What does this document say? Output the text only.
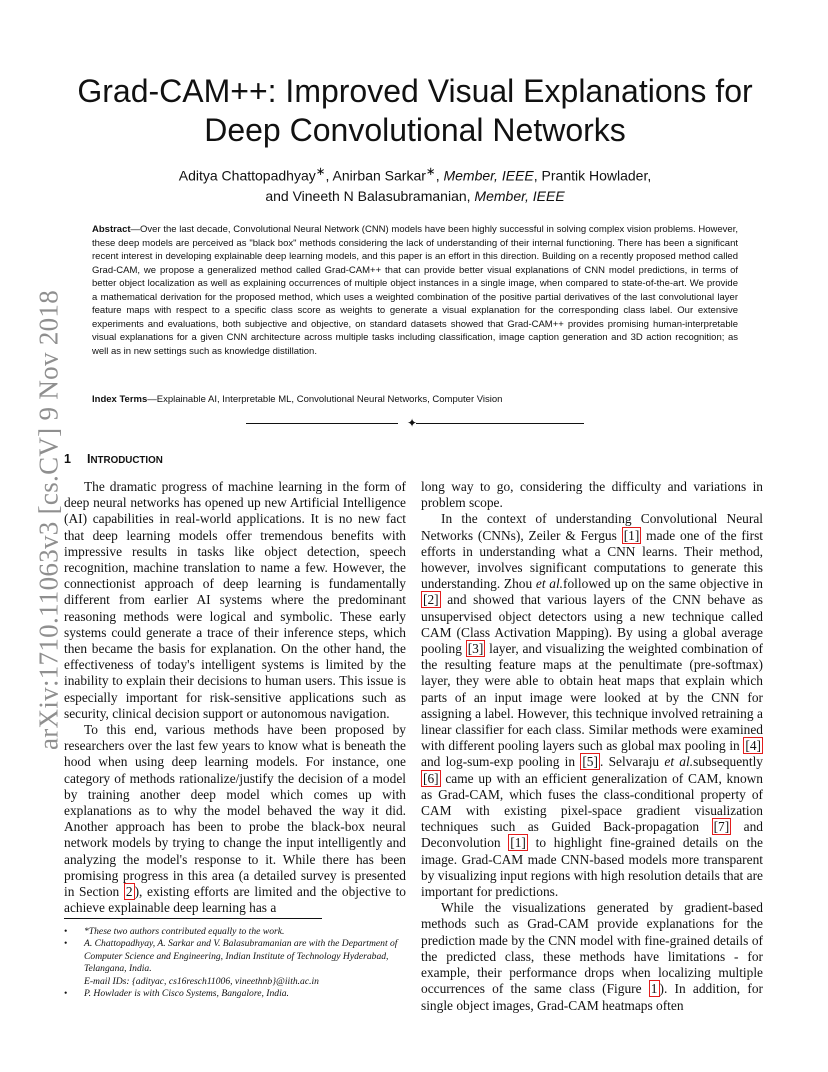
arXiv:1710.11063v3 [cs.CV] 9 Nov 2018
Grad-CAM++: Improved Visual Explanations for
Deep Convolutional Networks
Aditya Chattopadhyay∗, Anirban Sarkar∗, Member, IEEE, Prantik Howlader,
and Vineeth N Balasubramanian, Member, IEEE
Abstract—Over the last decade, Convolutional Neural Network (CNN) models have been highly successful in solving complex vision problems. However, these deep models are perceived as "black box" methods considering the lack of understanding of their internal functioning. There has been a significant recent interest in developing explainable deep learning models, and this paper is an effort in this direction. Building on a recently proposed method called Grad-CAM, we propose a generalized method called Grad-CAM++ that can provide better visual explanations of CNN model predictions, in terms of better object localization as well as explaining occurrences of multiple object instances in a single image, when compared to state-of-the-art. We provide a mathematical derivation for the proposed method, which uses a weighted combination of the positive partial derivatives of the last convolutional layer feature maps with respect to a specific class score as weights to generate a visual explanation for the corresponding class label. Our extensive experiments and evaluations, both subjective and objective, on standard datasets showed that Grad-CAM++ provides promising human-interpretable visual explanations for a given CNN architecture across multiple tasks including classification, image caption generation and 3D action recognition; as well as in new settings such as knowledge distillation.
Index Terms—Explainable AI, Interpretable ML, Convolutional Neural Networks, Computer Vision
✦
1 INTRODUCTION

The dramatic progress of machine learning in the form of deep neural networks has opened up new Artificial Intelligence (AI) capabilities in real-world applications. It is no new fact that deep learning models offer tremendous benefits with impressive results in tasks like object detection, speech recognition, machine translation to name a few. However, the connectionist approach of deep learning is fundamentally different from earlier AI systems where the predominant reasoning methods were logical and symbolic. These early systems could generate a trace of their inference steps, which then became the basis for explanation. On the other hand, the effectiveness of today's intelligent systems is limited by the inability to explain their decisions to human users. This issue is especially important for risk-sensitive applications such as security, clinical decision support or autonomous navigation.

To this end, various methods have been proposed by researchers over the last few years to know what is beneath the hood when using deep learning models. For instance, one category of methods rationalize/justify the decision of a model by training another deep model which comes up with explanations as to why the model behaved the way it did. Another approach has been to probe the black-box neural network models by trying to change the input intelligently and analyzing the model's response to it. While there has been promising progress in this area (a detailed survey is presented in Section 2 ), existing efforts are limited and the objective to achieve explainable deep learning has a

long way to go, considering the difficulty and variations in problem scope.

In the context of understanding Convolutional Neural Networks (CNNs), Zeiler & Fergus [1] made one of the first efforts in understanding what a CNN learns. Their method, however, involves significant computations to generate this understanding. Zhou et al.followed up on the same objective in [2] and showed that various layers of the CNN behave as unsupervised object detectors using a new technique called CAM (Class Activation Mapping). By using a global average pooling [3] layer, and visualizing the weighted combination of the resulting feature maps at the penultimate (pre-softmax) layer, they were able to obtain heat maps that explain which parts of an input image were looked at by the CNN for assigning a label. However, this technique involved retraining a linear classifier for each class. Similar methods were examined with different pooling layers such as global max pooling in [4] and log-sum-exp pooling in [5] . Selvaraju et al.subsequently [6] came up with an efficient generalization of CAM, known as Grad-CAM, which fuses the class-conditional property of CAM with existing pixel-space gradient visualization techniques such as Guided Back-propagation [7] and Deconvolution [1] to highlight fine-grained details on the image. Grad-CAM made CNN-based models more transparent by visualizing input regions with high resolution details that are important for predictions.

While the visualizations generated by gradient-based methods such as Grad-CAM provide explanations for the prediction made by the CNN model with fine-grained details of the predicted class, these methods have limitations - for example, their performance drops when localizing multiple occurrences of the same class (Figure 1 ). In addition, for single object images, Grad-CAM heatmaps often

• *These two authors contributed equally to the work.

• A. Chattopadhyay, A. Sarkar and V. Balasubramanian are with the Department of Computer Science and Engineering, Indian Institute of Technology Hyderabad, Telangana, India.
E-mail IDs: {adityac, cs16resch11006, vineethnb}@iith.ac.in

• P. Howlader is with Cisco Systems, Bangalore, India.
